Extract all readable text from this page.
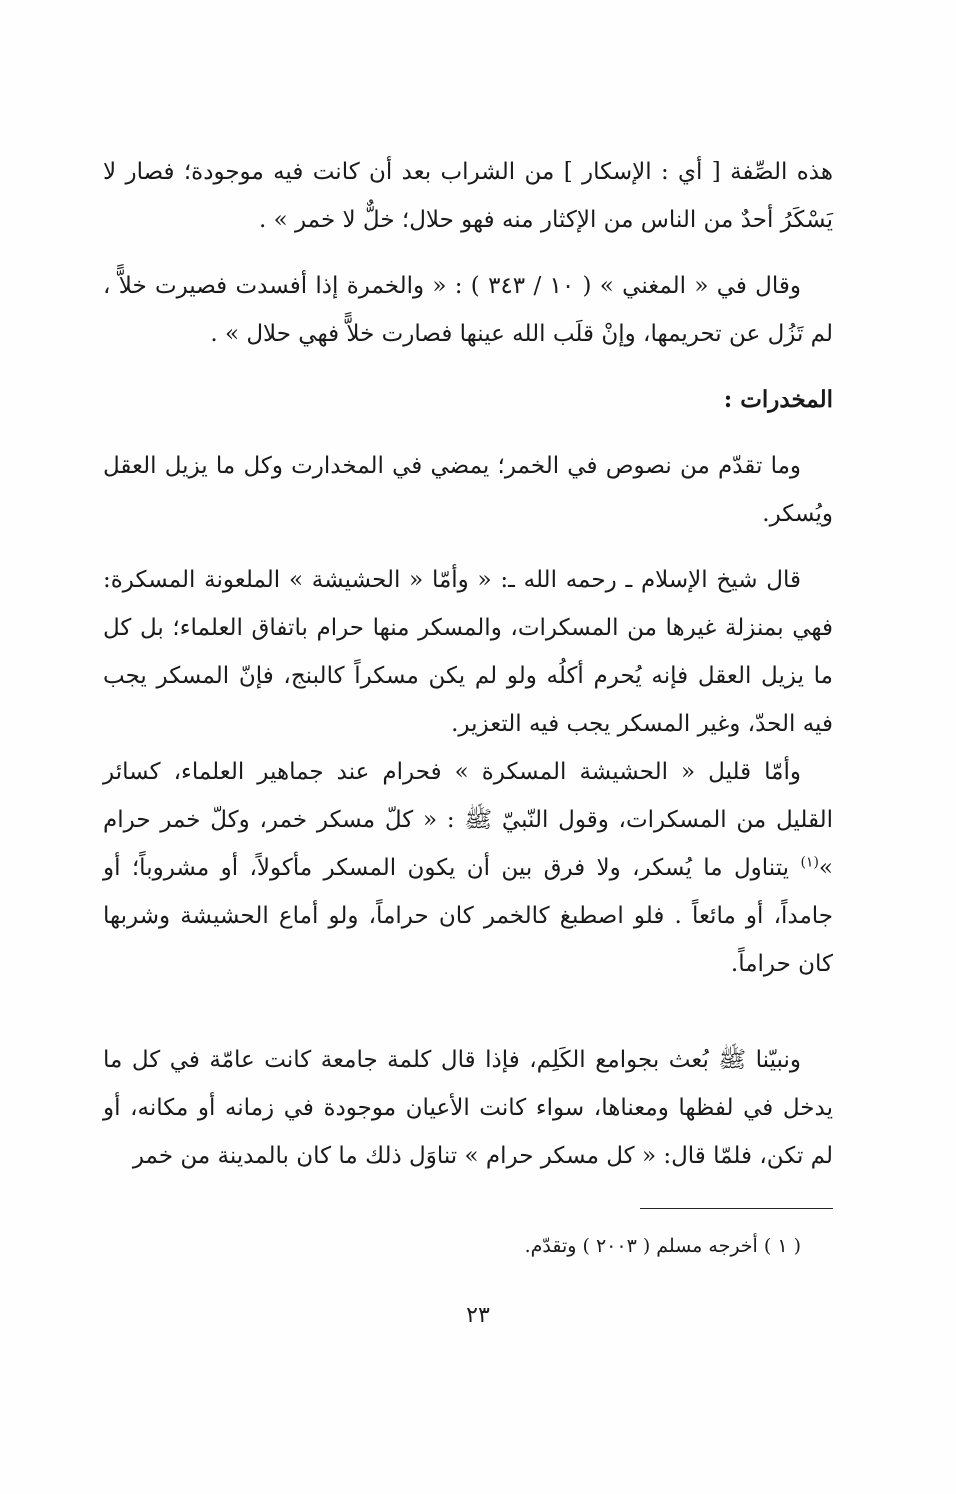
هذه الصِّفة [ أي : الإسكار ] من الشراب بعد أن كانت فيه موجودة؛ فصار لا يَسْكَرُ أحدٌ من الناس من الإكثار منه فهو حلال؛ خلٌّ لا خمر » .

وقال في « المغني » ( ١٠ / ٣٤٣ ) : « والخمرة إذا أفسدت فصيرت خلاًّ ، لم تَزُل عن تحريمها، وإنْ قلَب الله عينها فصارت خلاًّ فهي حلال » .

المخدرات :

وما تقدّم من نصوص في الخمر؛ يمضي في المخدارت وكل ما يزيل العقل ويُسكر.

قال شيخ الإسلام ـ رحمه الله ـ: « وأمّا « الحشيشة » الملعونة المسكرة: فهي بمنزلة غيرها من المسكرات، والمسكر منها حرام باتفاق العلماء؛ بل كل ما يزيل العقل فإنه يُحرم أكلُه ولو لم يكن مسكراً كالبنج، فإنّ المسكر يجب فيه الحدّ، وغير المسكر يجب فيه التعزير.

وأمّا قليل « الحشيشة المسكرة » فحرام عند جماهير العلماء، كسائر القليل من المسكرات، وقول النّبيّ ﷺ : « كلّ مسكر خمر، وكلّ خمر حرام »$^{(١)}$ يتناول ما يُسكر، ولا فرق بين أن يكون المسكر مأكولاً، أو مشروباً؛ أو جامداً، أو مائعاً . فلو اصطبغ كالخمر كان حراماً، ولو أماع الحشيشة وشربها كان حراماً.

ونبيّنا ﷺ بُعث بجوامع الكَلِم، فإذا قال كلمة جامعة كانت عامّة في كل ما يدخل في لفظها ومعناها، سواء كانت الأعيان موجودة في زمانه أو مكانه، أو لم تكن، فلمّا قال: « كل مسكر حرام » تناوَل ذلك ما كان بالمدينة من خمر

( ١ ) أخرجه مسلم ( ٢٠٠٣ ) وتقدّم.
٢٣
